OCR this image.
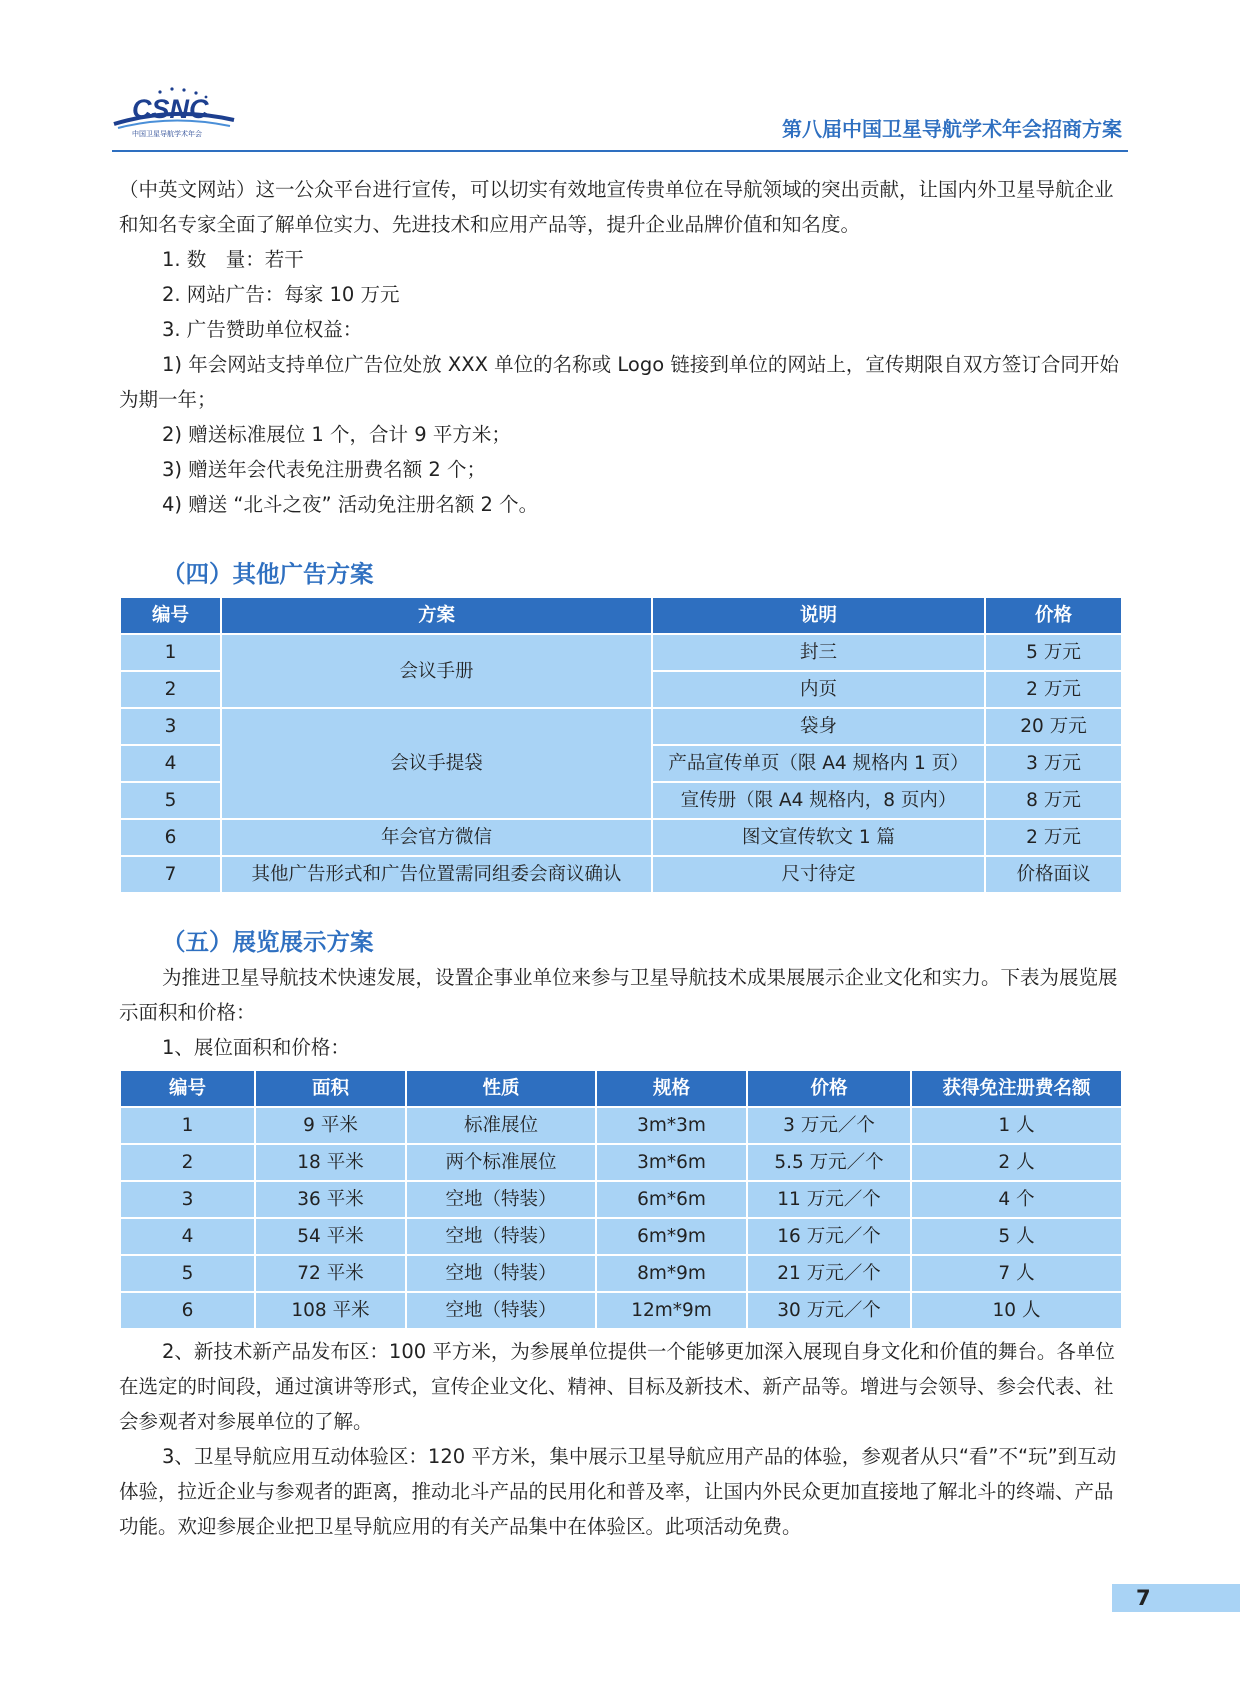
CSNC
中国卫星导航学术年会	第八届中国卫星导航学术年会招商方案

（中英文网站）这一公众平台进行宣传，可以切实有效地宣传贵单位在导航领域的突出贡献，让国内外卫星导航企业和知名专家全面了解单位实力、先进技术和应用产品等，提升企业品牌价值和知名度。

1. 数　量：若干

2. 网站广告：每家 10 万元

3. 广告赞助单位权益：

1) 年会网站支持单位广告位处放 XXX 单位的名称或 Logo 链接到单位的网站上，宣传期限自双方签订合同开始为期一年；

2) 赠送标准展位 1 个，合计 9 平方米；

3) 赠送年会代表免注册费名额 2 个；

4) 赠送 “北斗之夜” 活动免注册名额 2 个。

（四）其他广告方案
编号	方案	说明	价格
1	会议手册	封三	5 万元
2		内页	2 万元
3	会议手提袋	袋身	20 万元
4		产品宣传单页（限 A4 规格内 1 页）	3 万元
5		宣传册（限 A4 规格内，8 页内）	8 万元
6	年会官方微信	图文宣传软文 1 篇	2 万元
7	其他广告形式和广告位置需同组委会商议确认	尺寸待定	价格面议
（五）展览展示方案

为推进卫星导航技术快速发展，设置企事业单位来参与卫星导航技术成果展展示企业文化和实力。下表为展览展示面积和价格：

1、展位面积和价格：

编号	面积	性质	规格	价格	获得免注册费名额
1	9 平米	标准展位	3m*3m	3 万元／个	1 人
2	18 平米	两个标准展位	3m*6m	5.5 万元／个	2 人
3	36 平米	空地（特装）	6m*6m	11 万元／个	4 个
4	54 平米	空地（特装）	6m*9m	16 万元／个	5 人
5	72 平米	空地（特装）	8m*9m	21 万元／个	7 人
6	108 平米	空地（特装）	12m*9m	30 万元／个	10 人

2、新技术新产品发布区：100 平方米，为参展单位提供一个能够更加深入展现自身文化和价值的舞台。各单位在选定的时间段，通过演讲等形式，宣传企业文化、精神、目标及新技术、新产品等。增进与会领导、参会代表、社会参观者对参展单位的了解。

3、卫星导航应用互动体验区：120 平方米，集中展示卫星导航应用产品的体验，参观者从只“看”不“玩”到互动体验，拉近企业与参观者的距离，推动北斗产品的民用化和普及率，让国内外民众更加直接地了解北斗的终端、产品功能。欢迎参展企业把卫星导航应用的有关产品集中在体验区。此项活动免费。

7
